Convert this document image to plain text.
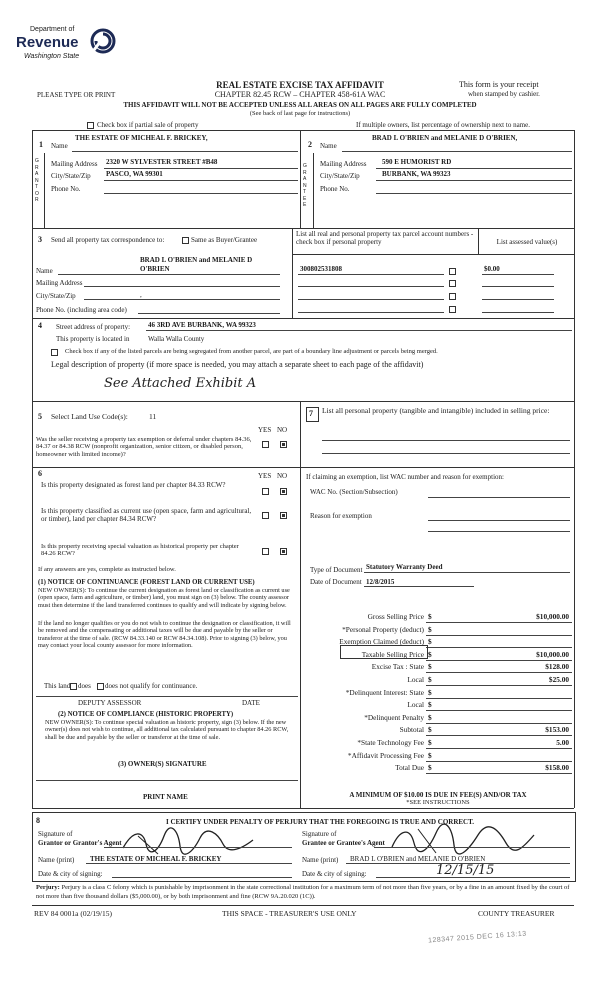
Department of
Revenue
Washington State
REAL ESTATE EXCISE TAX AFFIDAVIT
CHAPTER 82.45 RCW – CHAPTER 458-61A WAC
This form is your receipt
when stamped by cashier.
PLEASE TYPE OR PRINT
THIS AFFIDAVIT WILL NOT BE ACCEPTED UNLESS ALL AREAS ON ALL PAGES ARE FULLY COMPLETED
(See back of last page for instructions)
Check box if partial sale of property	If multiple owners, list percentage of ownership next to name.
1 Name
THE ESTATE OF MICHEAL F. BRICKEY,
GRANTOR
Mailing Address 2320 W SYLVESTER STREET #B48
City/State/Zip PASCO, WA 99301
Phone No.
2 Name
BRAD L O'BRIEN and MELANIE D O'BRIEN,
GRANTEE
Mailing Address 590 E HUMORIST RD
City/State/Zip	BURBANK, WA 99323
Phone No.
3 Send all property tax correspondence to:	Same as Buyer/Grantee
List all real and personal property tax parcel account numbers - check box if personal property	List assessed value(s)
BRAD L O'BRIEN and MELANIE D
O'BRIEN
Name
Mailing Address
City/State/Zip	,
Phone No. (including area code)
300802531808	$0.00
4 Street address of property:	46 3RD AVE BURBANK, WA 99323
This property is located in	Walla Walla County
Check box if any of the listed parcels are being segregated from another parcel, are part of a boundary line adjustment or parcels being merged.
Legal description of property (if more space is needed, you may attach a separate sheet to each page of the affidavit)
See Attached Exhibit A
5 Select Land Use Code(s):	11
YES NO
Was the seller receiving a property tax exemption or deferral under chapters 84.36, 84.37 or 84.38 RCW (nonprofit organization, senior citizen, or disabled person, homeowner with limited income)?
6	YES NO
Is this property designated as forest land per chapter 84.33 RCW?
Is this property classified as current use (open space, farm and agricultural, or timber), land per chapter 84.34 RCW?
Is this property receiving special valuation as historical property per chapter 84.26 RCW?
If any answers are yes, complete as instructed below.
(1) NOTICE OF CONTINUANCE (FOREST LAND OR CURRENT USE)
NEW OWNER(S): To continue the current designation as forest land or classification as current use (open space, farm and agriculture, or timber) land, you must sign on (3) below. The county assessor must then determine if the land transferred continues to qualify and will indicate by signing below.
If the land no longer qualifies or you do not wish to continue the designation or classification, it will be removed and the compensating or additional taxes will be due and payable by the seller or transferor at the time of sale. (RCW 84.33.140 or RCW 84.34.108). Prior to signing (3) below, you may contact your local county assessor for more information.
This land does does not qualify for continuance.
DEPUTY ASSESSOR	DATE
(2) NOTICE OF COMPLIANCE (HISTORIC PROPERTY)
NEW OWNER(S): To continue special valuation as historic property, sign (3) below. If the new owner(s) does not wish to continue, all additional tax calculated pursuant to chapter 84.26 RCW, shall be due and payable by the seller or transferor at the time of sale.
(3) OWNER(S) SIGNATURE
PRINT NAME
7 List all personal property (tangible and intangible) included in selling price:
If claiming an exemption, list WAC number and reason for exemption:
WAC No. (Section/Subsection)
Reason for exemption
Type of Document Statutory Warranty Deed
Date of Document 12/8/2015
Gross Selling Price $	$10,000.00
*Personal Property (deduct) $
Exemption Claimed (deduct) $
Taxable Selling Price $	$10,000.00
Excise Tax : State $	$128.00
Local $	$25.00
*Delinquent Interest: State $
Local $
*Delinquent Penalty $
Subtotal $	$153.00
*State Technology Fee $	5.00
*Affidavit Processing Fee $
Total Due $	$158.00
A MINIMUM OF $10.00 IS DUE IN FEE(S) AND/OR TAX
*SEE INSTRUCTIONS
8	I CERTIFY UNDER PENALTY OF PERJURY THAT THE FOREGOING IS TRUE AND CORRECT.
Signature of
Grantor or Grantor's Agent
Name (print) THE ESTATE OF MICHEAL F. BRICKEY
Date & city of signing:
Signature of
Grantee or Grantee's Agent
Name (print) BRAD L O'BRIEN and MELANIE D O'BRIEN
Date & city of signing:	12/15/15
Perjury: Perjury is a class C felony which is punishable by imprisonment in the state correctional institution for a maximum term of not more than five years, or by a fine in an amount fixed by the court of not more than five thousand dollars ($5,000.00), or by both imprisonment and fine (RCW 9A.20.020 (1C)).
REV 84 0001a (02/19/15)	THIS SPACE - TREASURER'S USE ONLY	COUNTY TREASURER
128347 2015 DEC 16 13:13
